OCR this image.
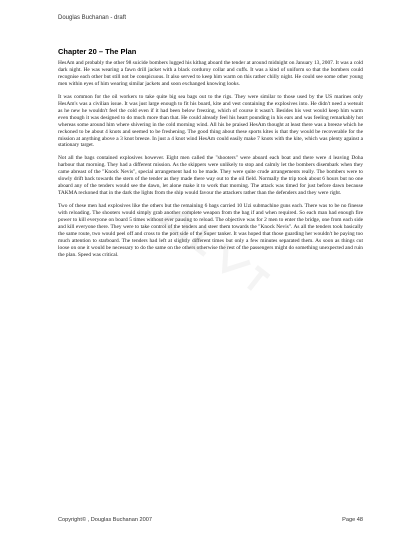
Douglas Buchanan - draft
Chapter 20 – The Plan

HesAm and probably the other 98 suicide bombers lugged his kitbag aboard the tender at around midnight on January 13, 2007. It was a cold dark night. He was wearing a fawn drill jacket with a black corduroy collar and cuffs. It was a kind of uniform so that the bombers could recognise each other but still not be conspicuous. It also served to keep him warm on this rather chilly night. He could see some other young men within eyes of him wearing similar jackets and soon exchanged knowing looks.

It was common for the oil workers to take quite big sea bags out to the rigs. They were similar to those used by the US marines only HesAm's was a civilian issue. It was just large enough to fit his board, kite and vest containing the explosives into. He didn't need a wetsuit as he new he wouldn't feel the cold even if it had been below freezing, which of course it wasn't. Besides his vest would keep him warm even though it was designed to do much more than that. He could already feel his heart pounding in his ears and was feeling remarkably hot whereas some around him where shivering in the cold morning wind. All his be praised HesAm thought at least there was a breeze which he reckoned to be about 4 knots and seemed to be freshening. The good thing about these sports kites is that they would be recoverable for the mission at anything above a 3 knot breeze. In just a 4 knot wind HesAm could easily make 7 knots with the kite, which was plenty against a stationary target.

Not all the bags contained explosives however. Eight men called the "shooters" were aboard each boat and there were 4 leaving Doha harbour that morning. They had a different mission. As the skippers were unlikely to stop and calmly let the bombers disembark when they came abreast of the "Knock Nevis", special arrangement had to be made. They were quite crude arrangements really. The bombers were to slowly drift back towards the stern of the tender as they made there way out to the oil field. Normally the trip took about 6 hours but no one aboard any of the tenders would see the dawn, let alone make it to work that morning. The attack was timed for just before dawn because TAKMA reckoned that in the dark the lights from the ship would favour the attackers rather than the defenders and they were right.

Two of these men had explosives like the others but the remaining 6 bags carried 10 Uzi submachine guns each. There was to be no finesse with reloading. The shooters would simply grab another complete weapon from the bag if and when required. So each man had enough fire power to kill everyone on board 5 times without ever pausing to reload. The objective was for 2 men to enter the bridge, one from each side and kill everyone there. They were to take control of the tenders and steer them towards the "Knock Nevis". As all the tenders took basically the same route, two would peel off and cross to the port side of the Super tanker. It was hoped that those guarding her wouldn't be paying too much attention to starboard. The tenders had left at slightly different times but only a few minutes separated them. As soon as things cut loose on one it would be necessary to do the same on the others otherwise the rest of the passengers might do something unexpected and ruin the plan. Speed was critical.

Copyright© , Douglas Buchanan 2007	Page 48
